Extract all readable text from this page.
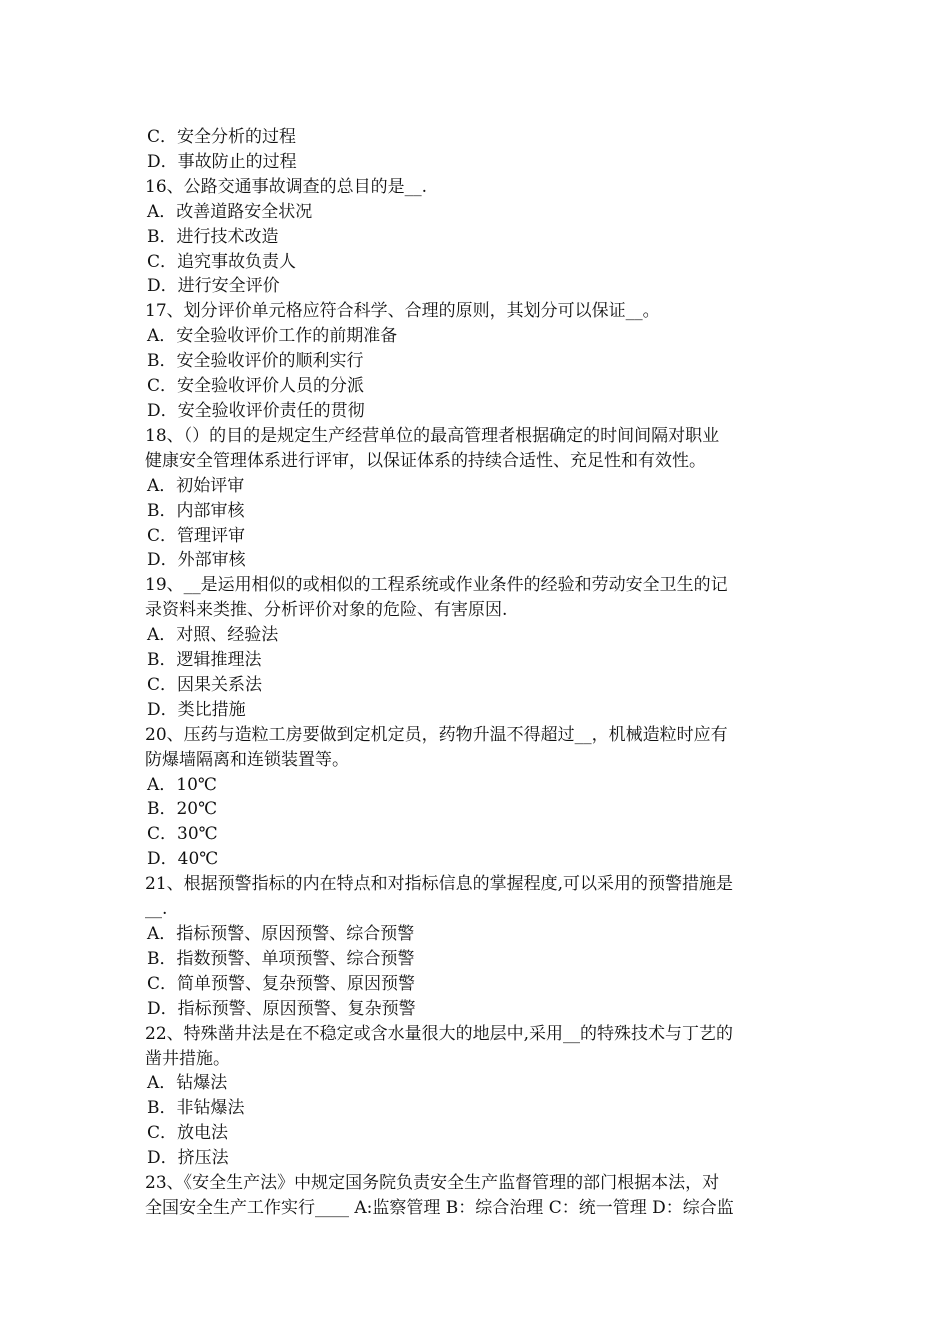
C．安全分析的过程
D．事故防止的过程
16、公路交通事故调查的总目的是__.
A．改善道路安全状况
B．进行技术改造
C．追究事故负责人
D．进行安全评价
17、划分评价单元格应符合科学、合理的原则，其划分可以保证__。
A．安全验收评价工作的前期准备
B．安全验收评价的顺利实行
C．安全验收评价人员的分派
D．安全验收评价责任的贯彻
18、（）的目的是规定生产经营单位的最高管理者根据确定的时间间隔对职业
健康安全管理体系进行评审，以保证体系的持续合适性、充足性和有效性。
A．初始评审
B．内部审核
C．管理评审
D．外部审核
19、__是运用相似的或相似的工程系统或作业条件的经验和劳动安全卫生的记
录资料来类推、分析评价对象的危险、有害原因.
A．对照、经验法
B．逻辑推理法
C．因果关系法
D．类比措施
20、压药与造粒工房要做到定机定员，药物升温不得超过__，机械造粒时应有
防爆墙隔离和连锁装置等。
A．10℃
B．20℃
C．30℃
D．40℃
21、根据预警指标的内在特点和对指标信息的掌握程度,可以采用的预警措施是
__.
A．指标预警、原因预警、综合预警
B．指数预警、单项预警、综合预警
C．简单预警、复杂预警、原因预警
D．指标预警、原因预警、复杂预警
22、特殊凿井法是在不稳定或含水量很大的地层中,采用__的特殊技术与丁艺的
凿井措施。
A．钻爆法
B．非钻爆法
C．放电法
D．挤压法
23、《安全生产法》中规定国务院负责安全生产监督管理的部门根据本法，对
全国安全生产工作实行____ A:监察管理 B：综合治理 C：统一管理 D：综合监
